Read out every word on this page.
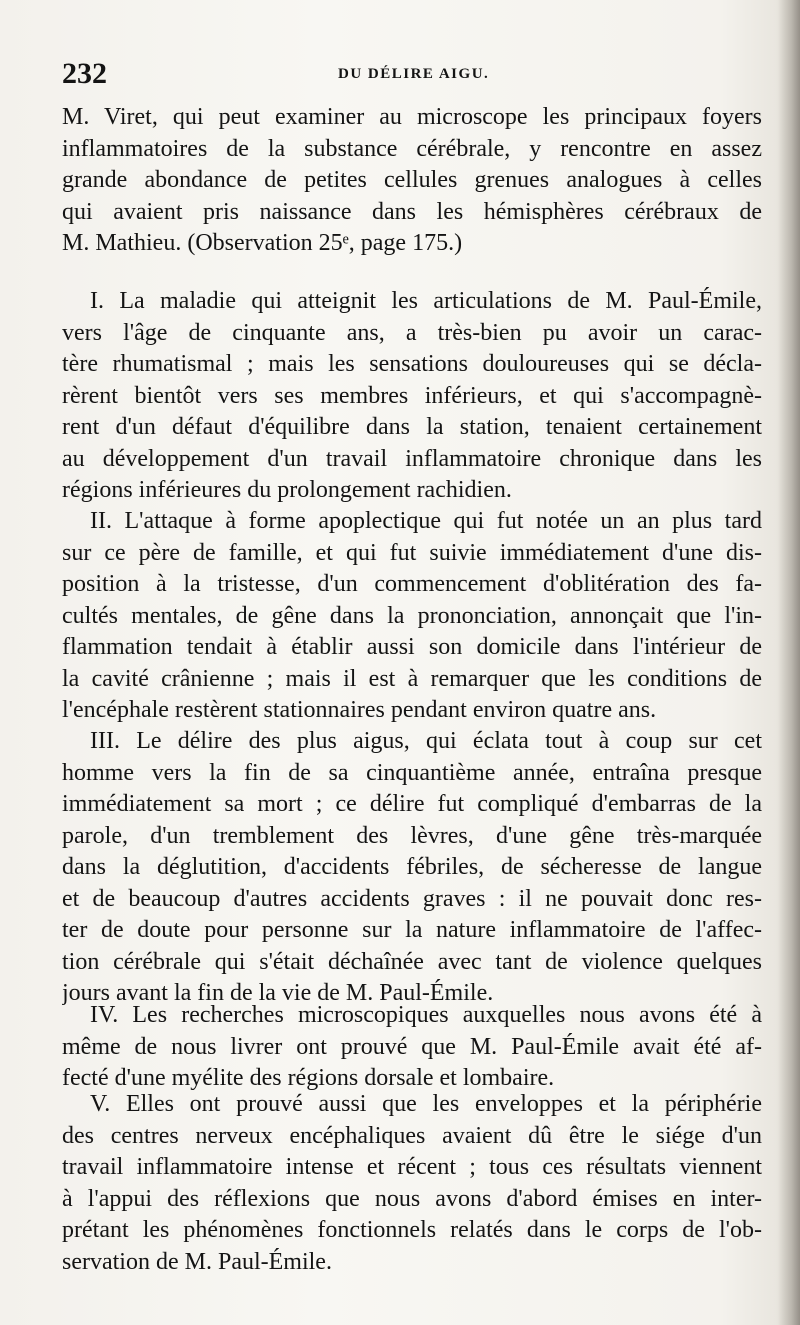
232	DU DÉLIRE AIGU.
M. Viret, qui peut examiner au microscope les principaux foyers
inflammatoires de la substance cérébrale, y rencontre en assez
grande abondance de petites cellules grenues analogues à celles
qui avaient pris naissance dans les hémisphères cérébraux de
M. Mathieu. (Observation 25ᵉ, page 175.)
I. La maladie qui atteignit les articulations de M. Paul-Émile,
vers l'âge de cinquante ans, a très-bien pu avoir un carac-
tère rhumatismal ; mais les sensations douloureuses qui se décla-
rèrent bientôt vers ses membres inférieurs, et qui s'accompagnè-
rent d'un défaut d'équilibre dans la station, tenaient certainement
au développement d'un travail inflammatoire chronique dans les
régions inférieures du prolongement rachidien.
II. L'attaque à forme apoplectique qui fut notée un an plus tard
sur ce père de famille, et qui fut suivie immédiatement d'une dis-
position à la tristesse, d'un commencement d'oblitération des fa-
cultés mentales, de gêne dans la prononciation, annonçait que l'in-
flammation tendait à établir aussi son domicile dans l'intérieur de
la cavité crânienne ; mais il est à remarquer que les conditions de
l'encéphale restèrent stationnaires pendant environ quatre ans.
III. Le délire des plus aigus, qui éclata tout à coup sur cet
homme vers la fin de sa cinquantième année, entraîna presque
immédiatement sa mort ; ce délire fut compliqué d'embarras de la
parole, d'un tremblement des lèvres, d'une gêne très-marquée
dans la déglutition, d'accidents fébriles, de sécheresse de langue
et de beaucoup d'autres accidents graves : il ne pouvait donc res-
ter de doute pour personne sur la nature inflammatoire de l'affec-
tion cérébrale qui s'était déchaînée avec tant de violence quelques
jours avant la fin de la vie de M. Paul-Émile.
IV. Les recherches microscopiques auxquelles nous avons été à
même de nous livrer ont prouvé que M. Paul-Émile avait été af-
fecté d'une myélite des régions dorsale et lombaire.
V. Elles ont prouvé aussi que les enveloppes et la périphérie
des centres nerveux encéphaliques avaient dû être le siége d'un
travail inflammatoire intense et récent ; tous ces résultats viennent
à l'appui des réflexions que nous avons d'abord émises en inter-
prétant les phénomènes fonctionnels relatés dans le corps de l'ob-
servation de M. Paul-Émile.
